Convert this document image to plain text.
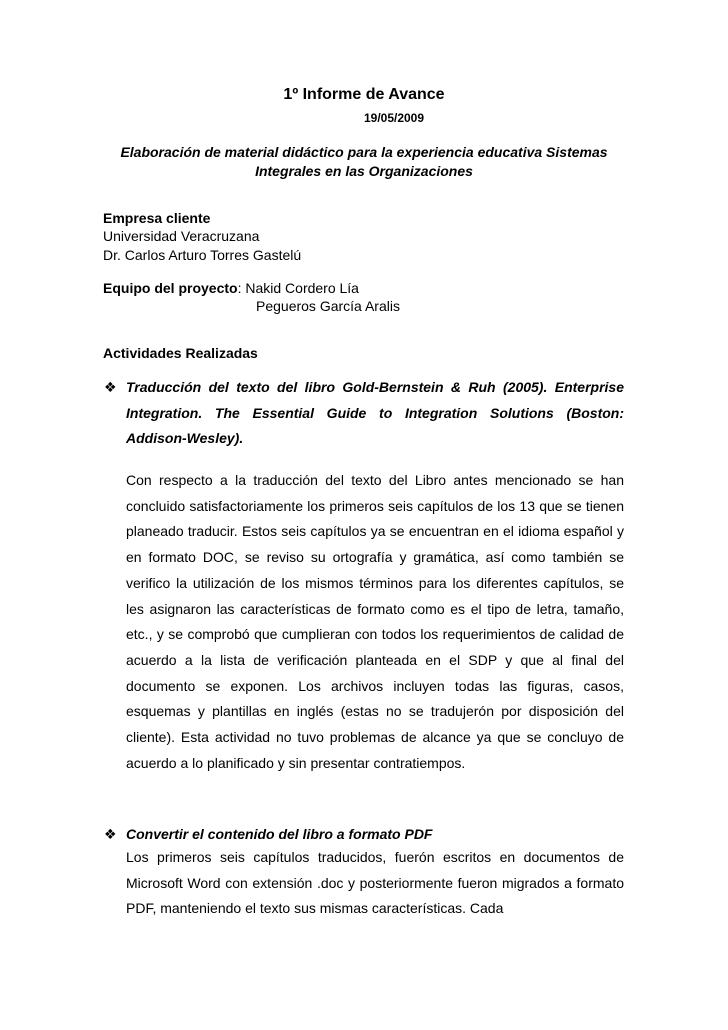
1º Informe de Avance
19/05/2009
Elaboración de material didáctico para la experiencia educativa Sistemas Integrales en las Organizaciones
Empresa cliente
Universidad Veracruzana
Dr. Carlos Arturo Torres Gastelú
Equipo del proyecto: Nakid Cordero Lía
Pegueros García Aralis
Actividades Realizadas
❖ Traducción del texto del libro Gold-Bernstein & Ruh (2005). Enterprise Integration. The Essential Guide to Integration Solutions (Boston: Addison-Wesley).
Con respecto a la traducción del texto del Libro antes mencionado se han concluido satisfactoriamente los primeros seis capítulos de los 13 que se tienen planeado traducir. Estos seis capítulos ya se encuentran en el idioma español y en formato DOC, se reviso su ortografía y gramática, así como también se verifico la utilización de los mismos términos para los diferentes capítulos, se les asignaron las características de formato como es el tipo de letra, tamaño, etc., y se comprobó que cumplieran con todos los requerimientos de calidad de acuerdo a la lista de verificación planteada en el SDP y que al final del documento se exponen. Los archivos incluyen todas las figuras, casos, esquemas y plantillas en inglés (estas no se tradujerón por disposición del cliente). Esta actividad no tuvo problemas de alcance ya que se concluyo de acuerdo a lo planificado y sin presentar contratiempos.
❖ Convertir el contenido del libro a formato PDF
Los primeros seis capítulos traducidos, fuerón escritos en documentos de Microsoft Word con extensión .doc y posteriormente fueron migrados a formato PDF, manteniendo el texto sus mismas características. Cada
